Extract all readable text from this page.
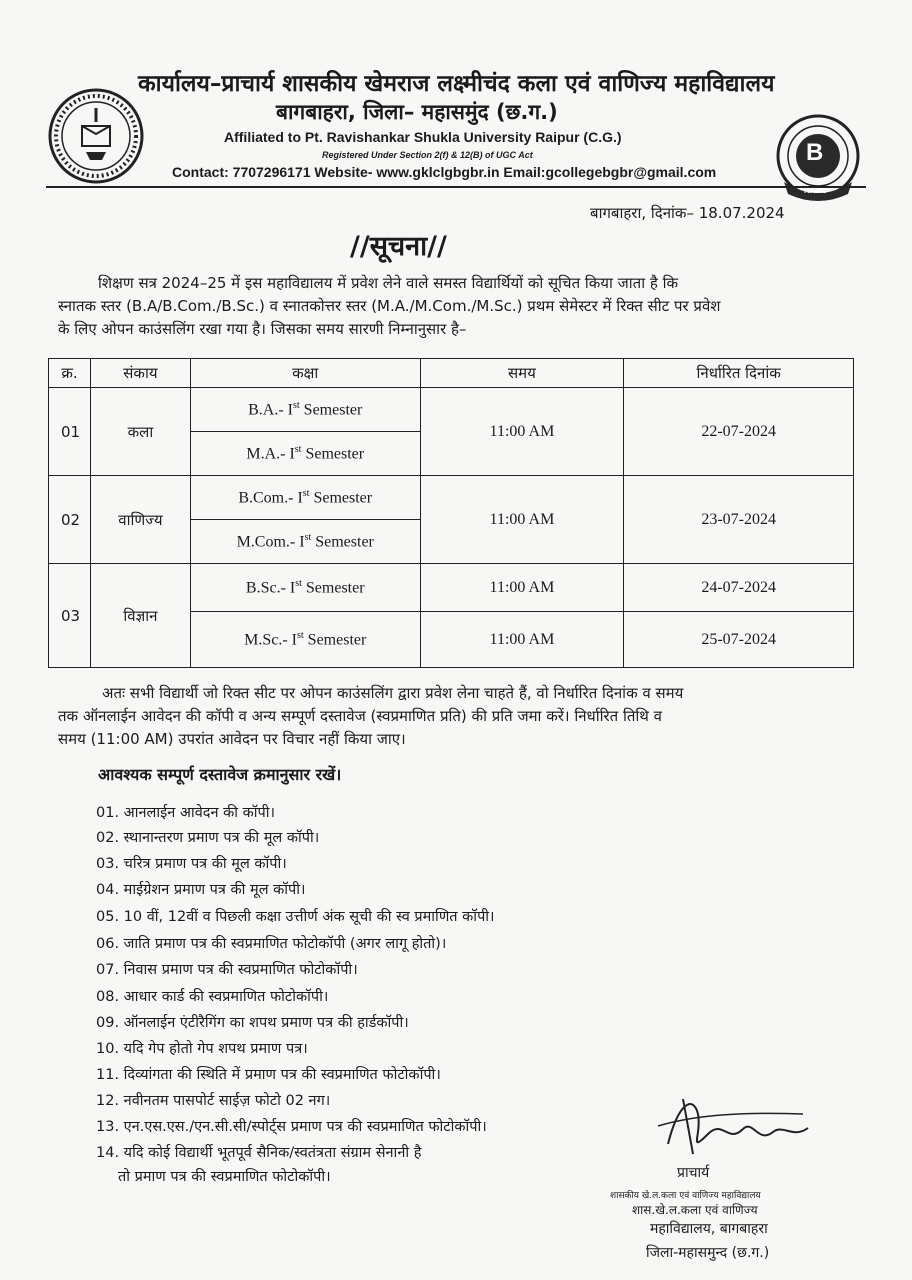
कार्यालय–प्राचार्य शासकीय खेमराज लक्ष्मीचंद कला एवं वाणिज्य महाविद्यालय
बागबाहरा, जिला– महासमुंद (छ.ग.)
Affiliated to Pt. Ravishankar Shukla University Raipur (C.G.)
Registered Under Section 2(f) & 12(B) of UGC Act
Contact: 7707296171 Website- www.gklclgbgbr.in Email:gcollegebgbr@gmail.com
B
NAAC
बागबाहरा, दिनांक– 18.07.2024
//सूचना//
शिक्षण सत्र 2024–25 में इस महाविद्यालय में प्रवेश लेने वाले समस्त विद्यार्थियों को सूचित किया जाता है कि
स्नातक स्तर (B.A/B.Com./B.Sc.) व स्नातकोत्तर स्तर (M.A./M.Com./M.Sc.) प्रथम सेमेस्टर में रिक्त सीट पर प्रवेश
के लिए ओपन काउंसलिंग रखा गया है। जिसका समय सारणी निम्नानुसार है–
क्र.	संकाय	कक्षा	समय	निर्धारित दिनांक
01	कला	B.A.- Ist Semester	11:00 AM	22-07-2024
		M.A.- Ist Semester		
02	वाणिज्य	B.Com.- Ist Semester	11:00 AM	23-07-2024
		M.Com.- Ist Semester		
03	विज्ञान	B.Sc.- Ist Semester	11:00 AM	24-07-2024
		M.Sc.- Ist Semester	11:00 AM	25-07-2024
अतः सभी विद्यार्थी जो रिक्त सीट पर ओपन काउंसलिंग द्वारा प्रवेश लेना चाहते हैं, वो निर्धारित दिनांक व समय
तक ऑनलाईन आवेदन की कॉपी व अन्य सम्पूर्ण दस्तावेज (स्वप्रमाणित प्रति) की प्रति जमा करें। निर्धारित तिथि व
समय (11:00 AM) उपरांत आवेदन पर विचार नहीं किया जाए।
आवश्यक सम्पूर्ण दस्तावेज क्रमानुसार रखें।
01. आनलाईन आवेदन की कॉपी।
02. स्थानान्तरण प्रमाण पत्र की मूल कॉपी।
03. चरित्र प्रमाण पत्र की मूल कॉपी।
04. माईग्रेशन प्रमाण पत्र की मूल कॉपी।
05. 10 वीं, 12वीं व पिछली कक्षा उत्तीर्ण अंक सूची की स्व प्रमाणित कॉपी।
06. जाति प्रमाण पत्र की स्वप्रमाणित फोटोकॉपी (अगर लागू होतो)।
07. निवास प्रमाण पत्र की स्वप्रमाणित फोटोकॉपी।
08. आधार कार्ड की स्वप्रमाणित फोटोकॉपी।
09. ऑनलाईन एंटीरैगिंग का शपथ प्रमाण पत्र की हार्डकॉपी।
10. यदि गेप होतो गेप शपथ प्रमाण पत्र।
11. दिव्यांगता की स्थिति में प्रमाण पत्र की स्वप्रमाणित फोटोकॉपी।
12. नवीनतम पासपोर्ट साईज़ फोटो 02 नग।
13. एन.एस.एस./एन.सी.सी/स्पोर्ट्स प्रमाण पत्र की स्वप्रमाणित फोटोकॉपी।
14. यदि कोई विद्यार्थी भूतपूर्व सैनिक/स्वतंत्रता संग्राम सेनानी है
तो प्रमाण पत्र की स्वप्रमाणित फोटोकॉपी।	प्राचार्य
शासकीय खे.ल.कला एवं वाणिज्य महाविद्यालय
शास.खे.ल.कला एवं वाणिज्य
महाविद्यालय, बागबाहरा
जिला-महासमुन्द (छ.ग.)
